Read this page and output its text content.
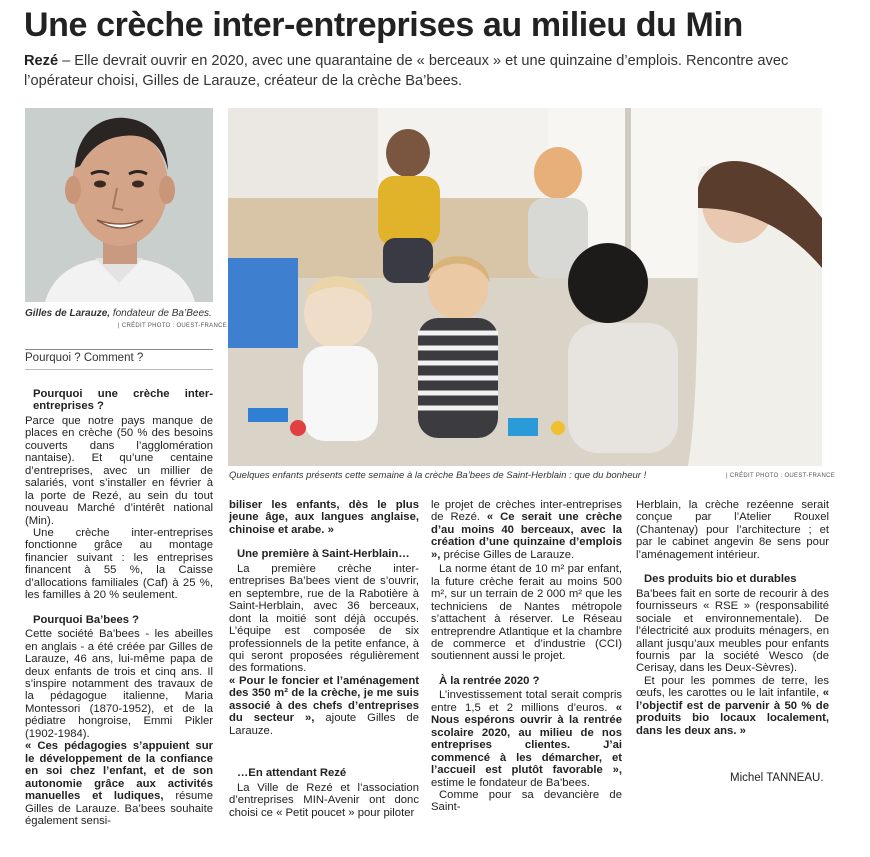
Une crèche inter-entreprises au milieu du Min
Rezé – Elle devrait ouvrir en 2020, avec une quarantaine de « berceaux » et une quinzaine d’emplois. Rencontre avec l’opérateur choisi, Gilles de Larauze, créateur de la crèche Ba’bees.
Gilles de Larauze, fondateur de Ba’Bees.
| CRÉDIT PHOTO : OUEST-FRANCE
Quelques enfants présents cette semaine à la crèche Ba’bees de Saint-Herblain : que du bonheur !	| CRÉDIT PHOTO : OUEST-FRANCE
Pourquoi ? Comment ?

Pourquoi une crèche inter-entreprises ?

Parce que notre pays manque de places en crèche (50 % des besoins couverts dans l’agglomération nantaise). Et qu’une centaine d’entreprises, avec un millier de salariés, vont s’installer en février à la porte de Rezé, au sein du tout nouveau Marché d’intérêt national (Min).

Une crèche inter-entreprises fonctionne grâce au montage financier suivant : les entreprises financent à 55 %, la Caisse d’allocations familiales (Caf) à 25 %, les familles à 20 % seulement.

Pourquoi Ba’bees ?

Cette société Ba’bees - les abeilles en anglais - a été créée par Gilles de Larauze, 46 ans, lui-même papa de deux enfants de trois et cinq ans. Il s’inspire notamment des travaux de la pédagogue italienne, Maria Montessori (1870-1952), et de la pédiatre hongroise, Emmi Pikler (1902-1984).

« Ces pédagogies s’appuient sur le développement de la confiance en soi chez l’enfant, et de son autonomie grâce aux activités manuelles et ludiques, résume Gilles de Larauze. Ba’bees souhaite également sensi-

biliser les enfants, dès le plus jeune âge, aux langues anglaise, chinoise et arabe. »

Une première à Saint-Herblain…

La première crèche inter-entreprises Ba’bees vient de s’ouvrir, en septembre, rue de la Rabotière à Saint-Herblain, avec 36 berceaux, dont la moitié sont déjà occupés. L’équipe est composée de six professionnels de la petite enfance, à qui seront proposées régulièrement des formations.

« Pour le foncier et l’aménagement des 350 m² de la crèche, je me suis associé à des chefs d’entreprises du secteur », ajoute Gilles de Larauze.

…En attendant Rezé

La Ville de Rezé et l’association d’entreprises MIN-Avenir ont donc choisi ce « Petit poucet » pour piloter

le projet de crèches inter-entreprises de Rezé. « Ce serait une crèche d’au moins 40 berceaux, avec la création d’une quinzaine d’emplois », précise Gilles de Larauze.

La norme étant de 10 m² par enfant, la future crèche ferait au moins 500 m², sur un terrain de 2 000 m² que les techniciens de Nantes métropole s’attachent à réserver. Le Réseau entreprendre Atlantique et la chambre de commerce et d’industrie (CCI) soutiennent aussi le projet.

À la rentrée 2020 ?

L’investissement total serait compris entre 1,5 et 2 millions d’euros. « Nous espérons ouvrir à la rentrée scolaire 2020, au milieu de nos entreprises clientes. J’ai commencé à les démarcher, et l’accueil est plutôt favorable », estime le fondateur de Ba’bees.

Comme pour sa devancière de Saint-

Herblain, la crèche rezéenne serait conçue par l’Atelier Rouxel (Chantenay) pour l’architecture ; et par le cabinet angevin 8e sens pour l’aménagement intérieur.

Des produits bio et durables

Ba’bees fait en sorte de recourir à des fournisseurs « RSE » (responsabilité sociale et environnementale). De l’électricité aux produits ménagers, en allant jusqu’aux meubles pour enfants fournis par la société Wesco (de Cerisay, dans les Deux-Sèvres).

Et pour les pommes de terre, les œufs, les carottes ou le lait infantile, « l’objectif est de parvenir à 50 % de produits bio locaux localement, dans les deux ans. »

Michel TANNEAU.
